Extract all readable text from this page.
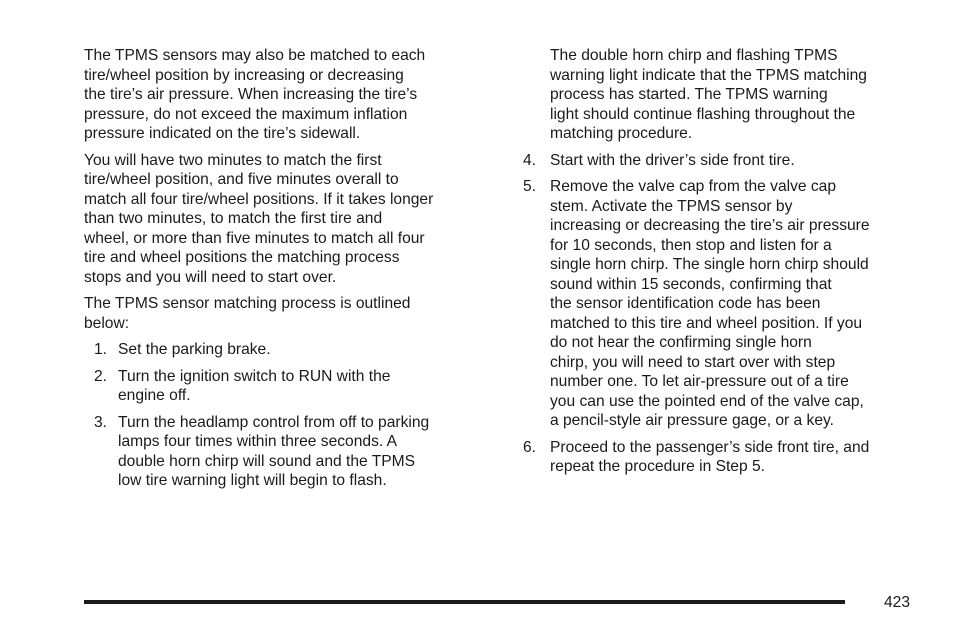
The TPMS sensors may also be matched to each
tire/wheel position by increasing or decreasing
the tire’s air pressure. When increasing the tire’s
pressure, do not exceed the maximum inflation
pressure indicated on the tire’s sidewall.

You will have two minutes to match the first
tire/wheel position, and five minutes overall to
match all four tire/wheel positions. If it takes longer
than two minutes, to match the first tire and
wheel, or more than five minutes to match all four
tire and wheel positions the matching process
stops and you will need to start over.

The TPMS sensor matching process is outlined
below:

1. Set the parking brake.
2. Turn the ignition switch to RUN with the
engine off.
3. Turn the headlamp control from off to parking
lamps four times within three seconds. A
double horn chirp will sound and the TPMS
low tire warning light will begin to flash.

The double horn chirp and flashing TPMS
warning light indicate that the TPMS matching
process has started. The TPMS warning
light should continue flashing throughout the
matching procedure.

4. Start with the driver’s side front tire.
5. Remove the valve cap from the valve cap
stem. Activate the TPMS sensor by
increasing or decreasing the tire’s air pressure
for 10 seconds, then stop and listen for a
single horn chirp. The single horn chirp should
sound within 15 seconds, confirming that
the sensor identification code has been
matched to this tire and wheel position. If you
do not hear the confirming single horn
chirp, you will need to start over with step
number one. To let air-pressure out of a tire
you can use the pointed end of the valve cap,
a pencil-style air pressure gage, or a key.
6. Proceed to the passenger’s side front tire, and
repeat the procedure in Step 5.
423
